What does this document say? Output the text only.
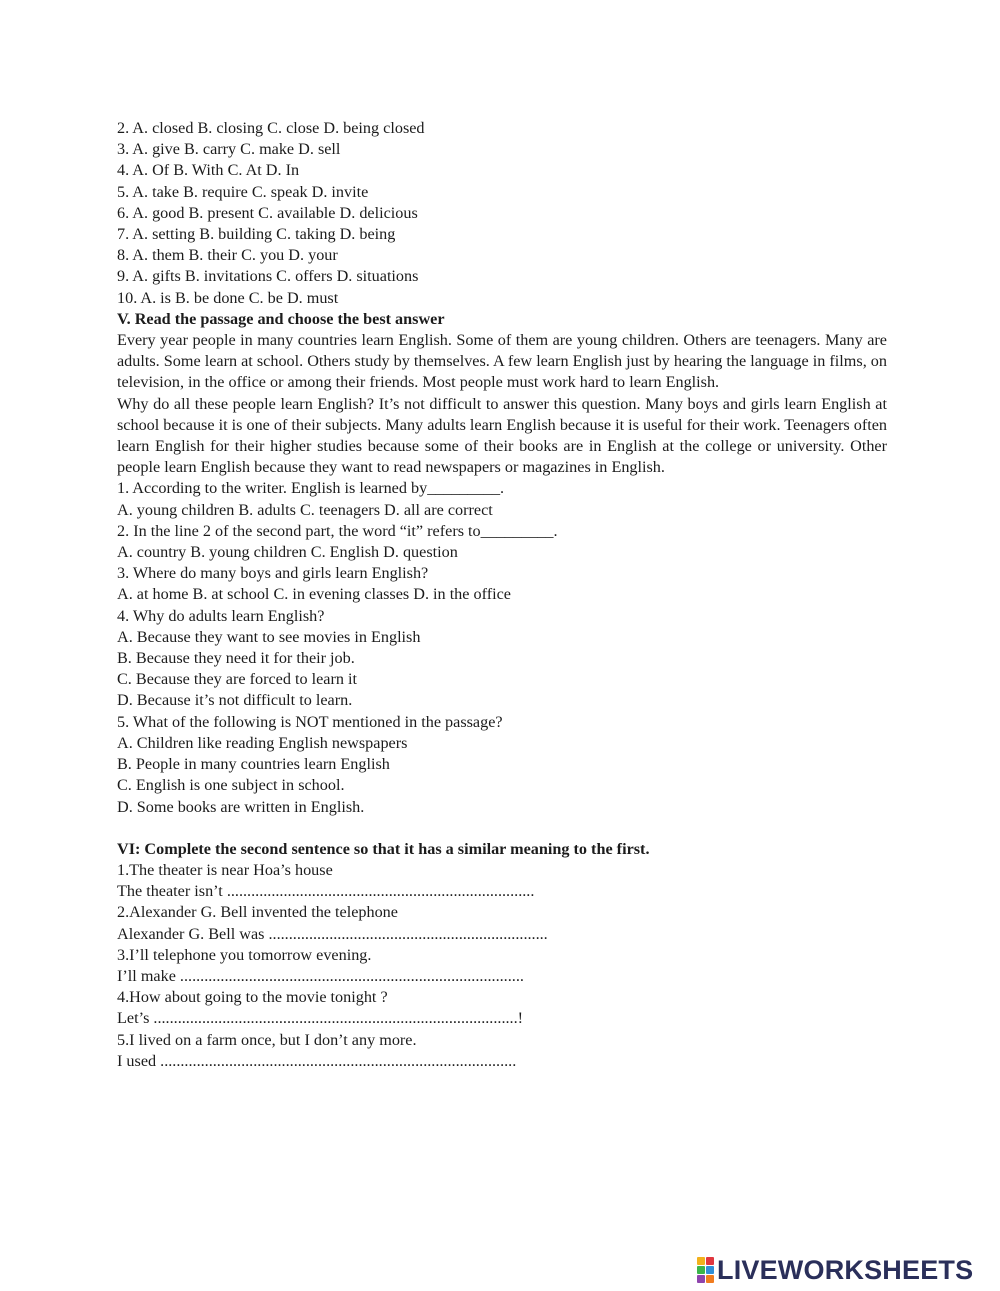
2. A. closed B. closing C. close D. being closed

3. A. give B. carry C. make D. sell

4. A. Of B. With C. At D. In

5. A. take B. require C. speak D. invite

6. A. good B. present C. available D. delicious

7. A. setting B. building C. taking D. being

8. A. them B. their C. you D. your

9. A. gifts B. invitations C. offers D. situations

10. A. is B. be done C. be D. must

V. Read the passage and choose the best answer

Every year people in many countries learn English. Some of them are young children. Others are teenagers. Many are adults. Some learn at school. Others study by themselves. A few learn English just by hearing the language in films, on television, in the office or among their friends. Most people must work hard to learn English.

Why do all these people learn English? It’s not difficult to answer this question. Many boys and girls learn English at school because it is one of their subjects. Many adults learn English because it is useful for their work. Teenagers often learn English for their higher studies because some of their books are in English at the college or university. Other people learn English because they want to read newspapers or magazines in English.

1. According to the writer. English is learned by_________.

A. young children B. adults C. teenagers D. all are correct

2. In the line 2 of the second part, the word “it” refers to_________.

A. country B. young children C. English D. question

3. Where do many boys and girls learn English?

A. at home B. at school C. in evening classes D. in the office

4. Why do adults learn English?

A. Because they want to see movies in English

B. Because they need it for their job.

C. Because they are forced to learn it

D. Because it’s not difficult to learn.

5. What of the following is NOT mentioned in the passage?

A. Children like reading English newspapers

B. People in many countries learn English

C. English is one subject in school.

D. Some books are written in English.

VI: Complete the second sentence so that it has a similar meaning to the first.

1.The theater is near Hoa’s house

The theater isn’t ............................................................................

2.Alexander G. Bell invented the telephone

Alexander G. Bell was .....................................................................

3.I’ll telephone you tomorrow evening.

I’ll make .....................................................................................

4.How about going to the movie tonight ?

Let’s ..........................................................................................!

5.I lived on a farm once, but I don’t any more.

I used ........................................................................................

LIVEWORKSHEETS
